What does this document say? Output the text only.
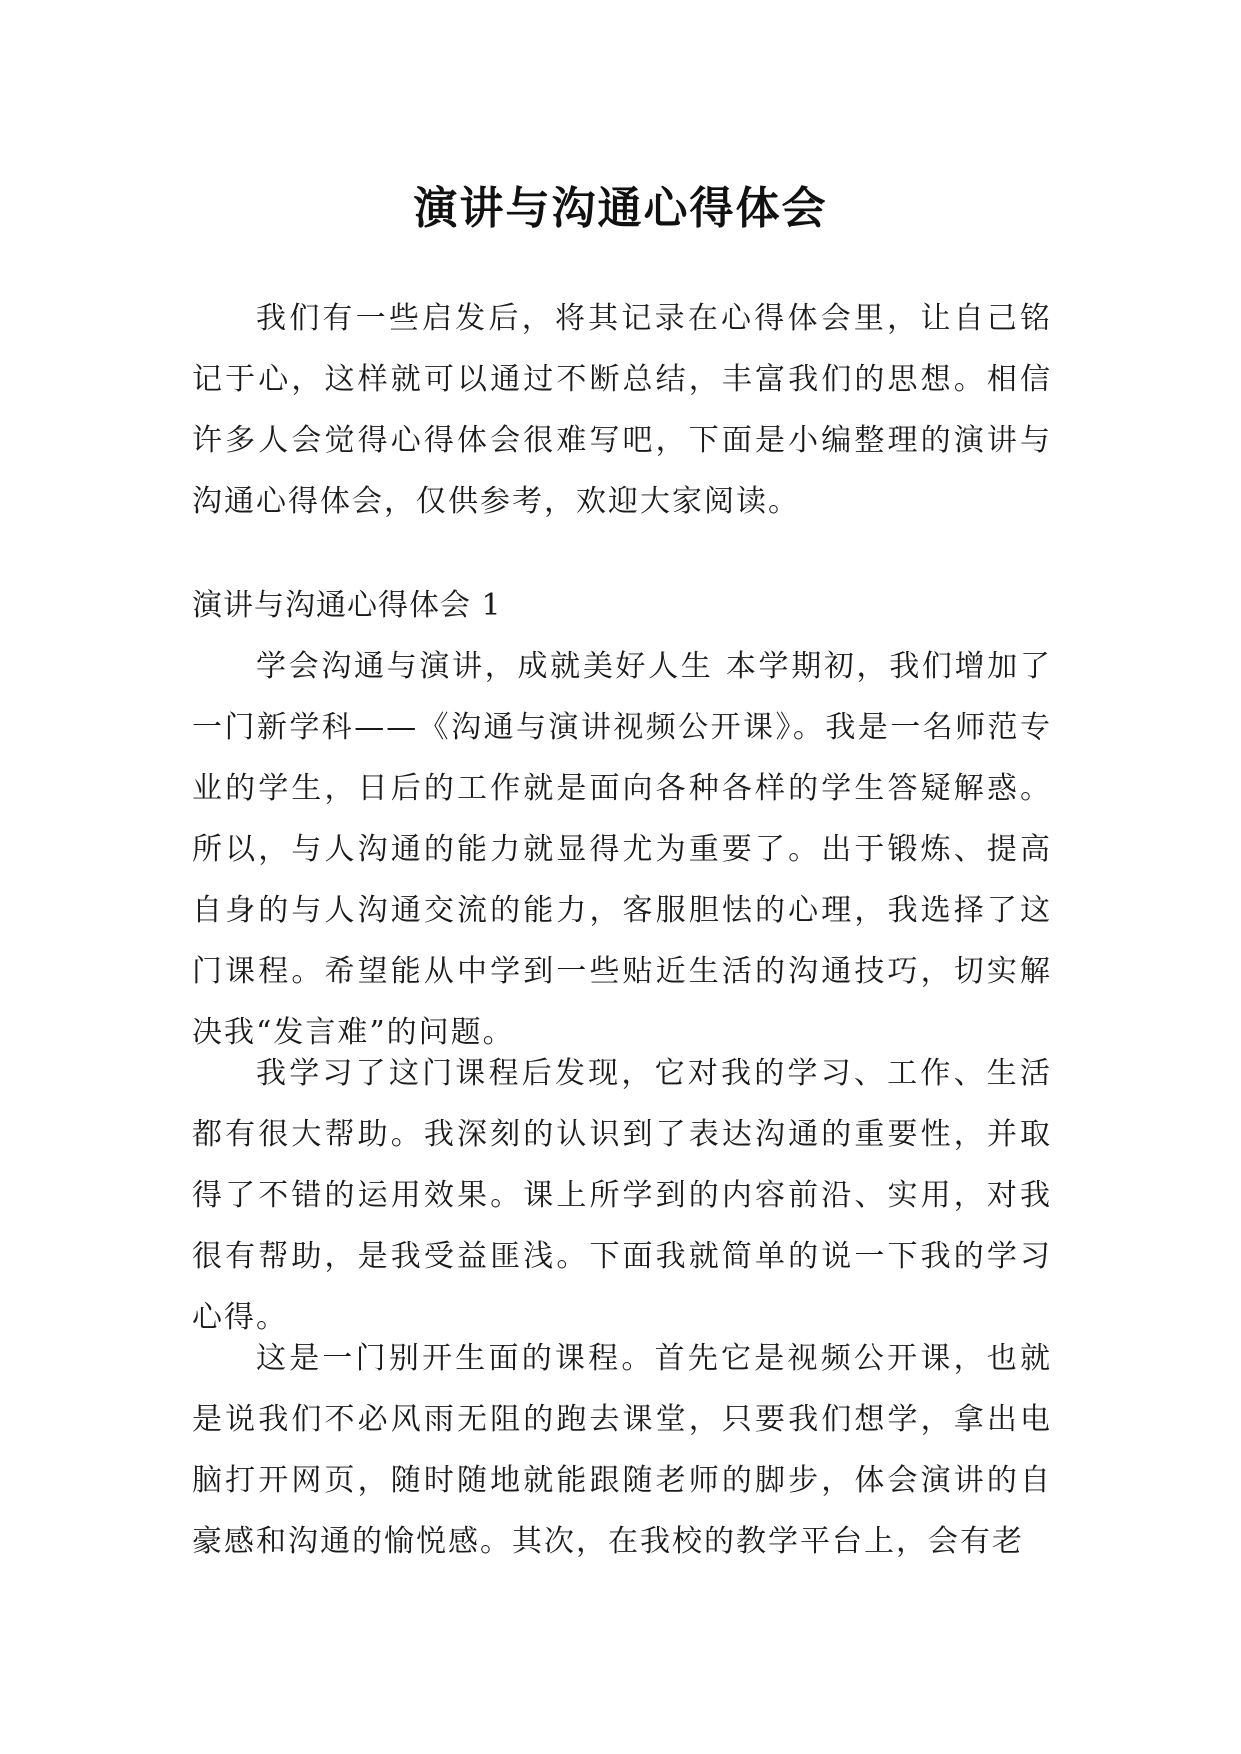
演讲与沟通心得体会

我们有一些启发后，将其记录在心得体会里，让自己铭记于心，这样就可以通过不断总结，丰富我们的思想。相信许多人会觉得心得体会很难写吧，下面是小编整理的演讲与沟通心得体会，仅供参考，欢迎大家阅读。

演讲与沟通心得体会 1

学会沟通与演讲，成就美好人生 本学期初，我们增加了一门新学科——《沟通与演讲视频公开课》。我是一名师范专业的学生，日后的工作就是面向各种各样的学生答疑解惑。所以，与人沟通的能力就显得尤为重要了。出于锻炼、提高自身的与人沟通交流的能力，客服胆怯的心理，我选择了这门课程。希望能从中学到一些贴近生活的沟通技巧，切实解决我“发言难”的问题。

我学习了这门课程后发现，它对我的学习、工作、生活都有很大帮助。我深刻的认识到了表达沟通的重要性，并取得了不错的运用效果。课上所学到的内容前沿、实用，对我很有帮助，是我受益匪浅。下面我就简单的说一下我的学习心得。

这是一门别开生面的课程。首先它是视频公开课，也就是说我们不必风雨无阻的跑去课堂，只要我们想学，拿出电脑打开网页，随时随地就能跟随老师的脚步，体会演讲的自豪感和沟通的愉悦感。其次，在我校的教学平台上，会有老
